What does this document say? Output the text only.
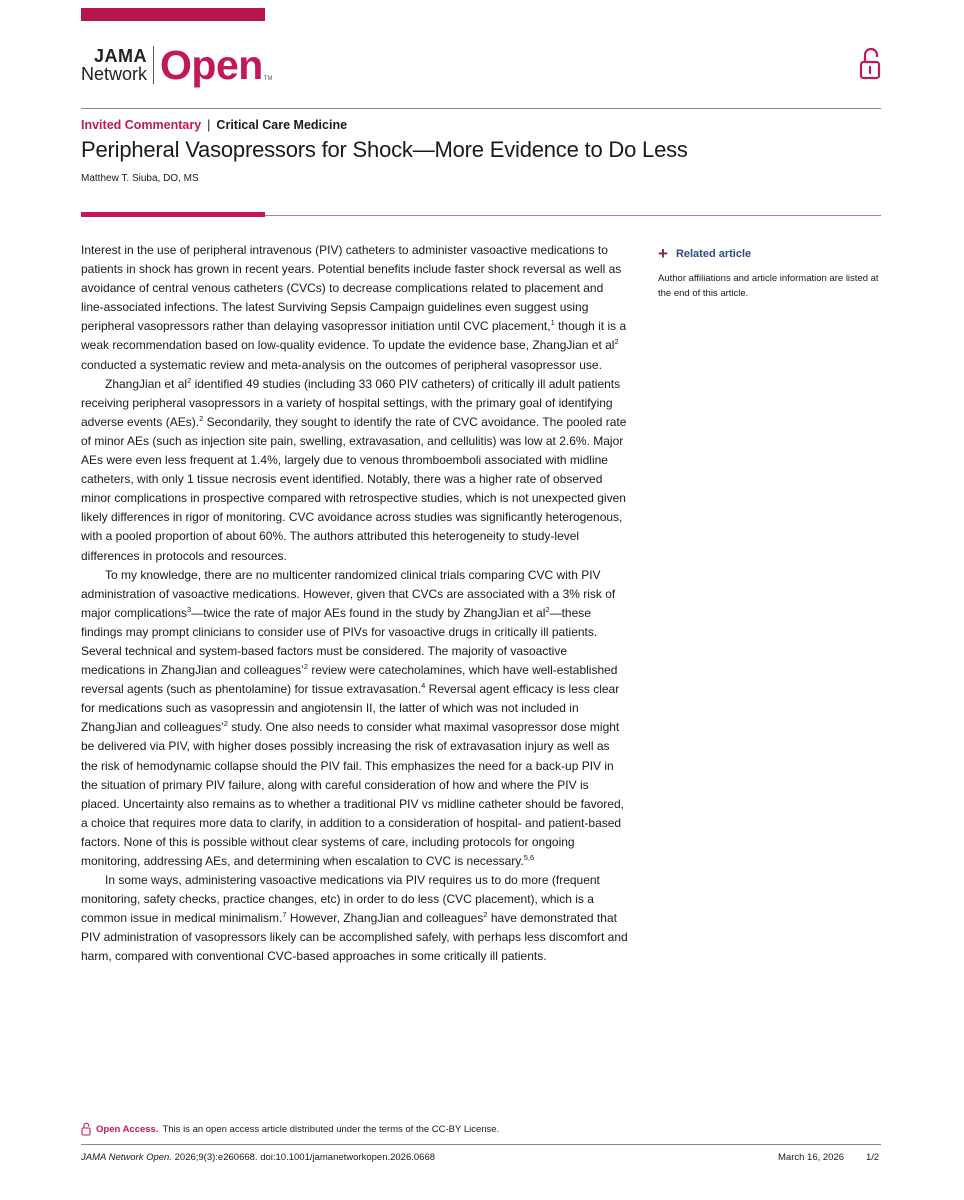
JAMA
Network Open TM
Invited Commentary | Critical Care Medicine
Peripheral Vasopressors for Shock—More Evidence to Do Less
Matthew T. Siuba, DO, MS

Interest in the use of peripheral intravenous (PIV) catheters to administer vasoactive medications to patients in shock has grown in recent years. Potential benefits include faster shock reversal as well as avoidance of central venous catheters (CVCs) to decrease complications related to placement and line-associated infections. The latest Surviving Sepsis Campaign guidelines even suggest using peripheral vasopressors rather than delaying vasopressor initiation until CVC placement,$^1$ though it is a weak recommendation based on low-quality evidence. To update the evidence base, ZhangJian et $al^2$ conducted a systematic review and meta-analysis on the outcomes of peripheral vasopressor use.

ZhangJian et $al^2$ identified 49 studies (including 33 060 PIV catheters) of critically ill adult patients receiving peripheral vasopressors in a variety of hospital settings, with the primary goal of identifying adverse events (AEs).$^2$ Secondarily, they sought to identify the rate of CVC avoidance. The pooled rate of minor AEs (such as injection site pain, swelling, extravasation, and cellulitis) was low at 2.6%. Major AEs were even less frequent at 1.4%, largely due to venous thromboemboli associated with midline catheters, with only 1 tissue necrosis event identified. Notably, there was a higher rate of observed minor complications in prospective compared with retrospective studies, which is not unexpected given likely differences in rigor of monitoring. CVC avoidance across studies was significantly heterogenous, with a pooled proportion of about 60%. The authors attributed this heterogeneity to study-level differences in protocols and resources.

To my knowledge, there are no multicenter randomized clinical trials comparing CVC with PIV administration of vasoactive medications. However, given that CVCs are associated with a 3% risk of major complications$^3$—twice the rate of major AEs found in the study by ZhangJian et $al^2—these$ findings may prompt clinicians to consider use of PIVs for vasoactive drugs in critically ill patients. Several technical and system-based factors must be considered. The majority of vasoactive medications in ZhangJian and colleagues’$^2$ review were catecholamines, which have well-established reversal agents (such as phentolamine) for tissue extravasation.$^4$ Reversal agent efficacy is less clear for medications such as vasopressin and angiotensin II, the latter of which was not included in ZhangJian and colleagues’$^2$ study. One also needs to consider what maximal vasopressor dose might be delivered via PIV, with higher doses possibly increasing the risk of extravasation injury as well as the risk of hemodynamic collapse should the PIV fail. This emphasizes the need for a back-up PIV in the situation of primary PIV failure, along with careful consideration of how and where the PIV is placed. Uncertainty also remains as to whether a traditional PIV vs midline catheter should be favored, a choice that requires more data to clarify, in addition to a consideration of hospital- and patient-based factors. None of this is possible without clear systems of care, including protocols for ongoing monitoring, addressing AEs, and determining when escalation to CVC is necessary.$^{5,6}$

In some ways, administering vasoactive medications via PIV requires us to do more (frequent monitoring, safety checks, practice changes, etc) in order to do less (CVC placement), which is a common issue in medical minimalism.$^7$ However, ZhangJian and colleagues$^2$ have demonstrated that PIV administration of vasopressors likely can be accomplished safely, with perhaps less discomfort and harm, compared with conventional CVC-based approaches in some critically ill patients.

+ Related article
Author affiliations and article information are listed at the end of this article.
Open Access. This is an open access article distributed under the terms of the CC-BY License.
JAMA Network Open. 2026;9(3):e260668. doi:10.1001/jamanetworkopen.2026.0668	March 16, 2026 1/2
